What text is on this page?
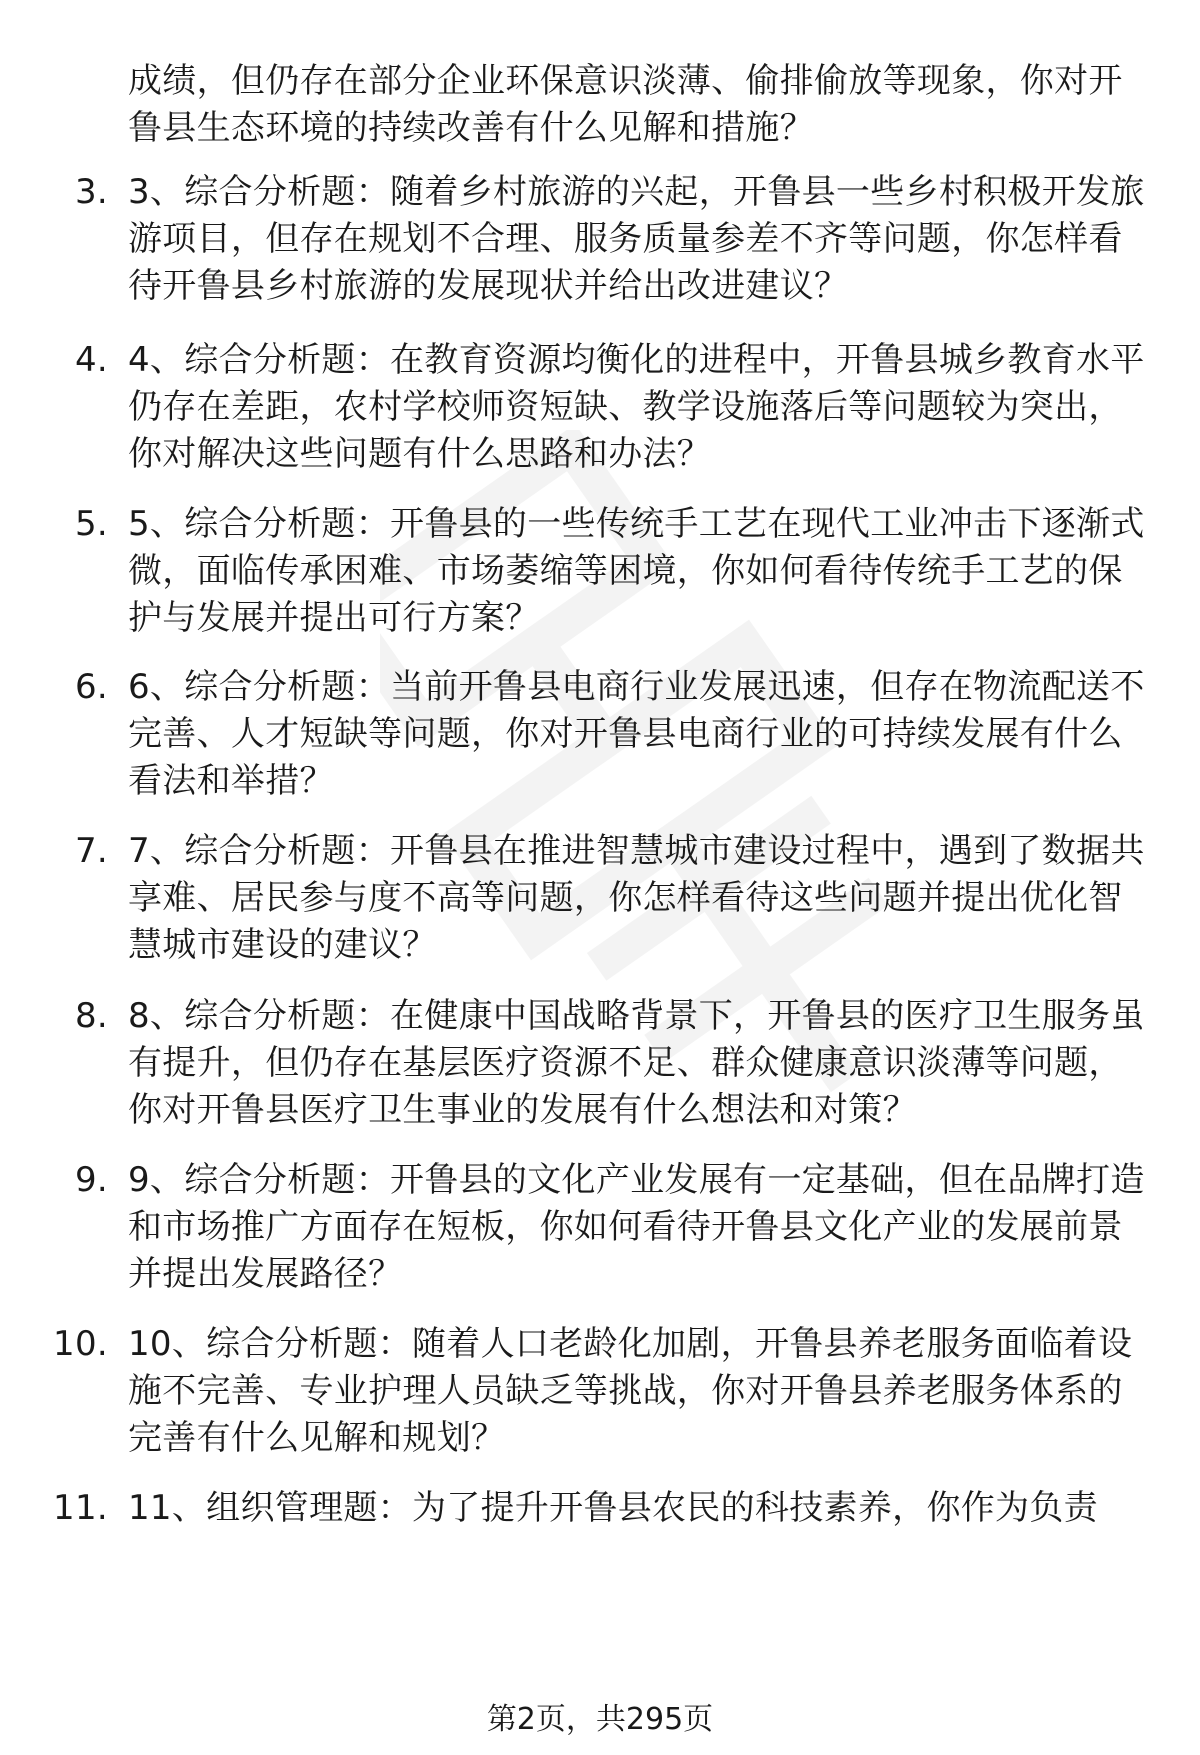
成绩，但仍存在部分企业环保意识淡薄、偷排偷放等现象，你对开鲁县生态环境的持续改善有什么见解和措施？
3. 3、综合分析题：随着乡村旅游的兴起，开鲁县一些乡村积极开发旅游项目，但存在规划不合理、服务质量参差不齐等问题，你怎样看待开鲁县乡村旅游的发展现状并给出改进建议？
4. 4、综合分析题：在教育资源均衡化的进程中，开鲁县城乡教育水平仍存在差距，农村学校师资短缺、教学设施落后等问题较为突出，你对解决这些问题有什么思路和办法？
5. 5、综合分析题：开鲁县的一些传统手工艺在现代工业冲击下逐渐式微，面临传承困难、市场萎缩等困境，你如何看待传统手工艺的保护与发展并提出可行方案？
6. 6、综合分析题：当前开鲁县电商行业发展迅速，但存在物流配送不完善、人才短缺等问题，你对开鲁县电商行业的可持续发展有什么看法和举措？
7. 7、综合分析题：开鲁县在推进智慧城市建设过程中，遇到了数据共享难、居民参与度不高等问题，你怎样看待这些问题并提出优化智慧城市建设的建议？
8. 8、综合分析题：在健康中国战略背景下，开鲁县的医疗卫生服务虽有提升，但仍存在基层医疗资源不足、群众健康意识淡薄等问题，你对开鲁县医疗卫生事业的发展有什么想法和对策？
9. 9、综合分析题：开鲁县的文化产业发展有一定基础，但在品牌打造和市场推广方面存在短板，你如何看待开鲁县文化产业的发展前景并提出发展路径？
10. 10、综合分析题：随着人口老龄化加剧，开鲁县养老服务面临着设施不完善、专业护理人员缺乏等挑战，你对开鲁县养老服务体系的完善有什么见解和规划？
11. 11、组织管理题：为了提升开鲁县农民的科技素养，你作为负责
第2页，共295页
